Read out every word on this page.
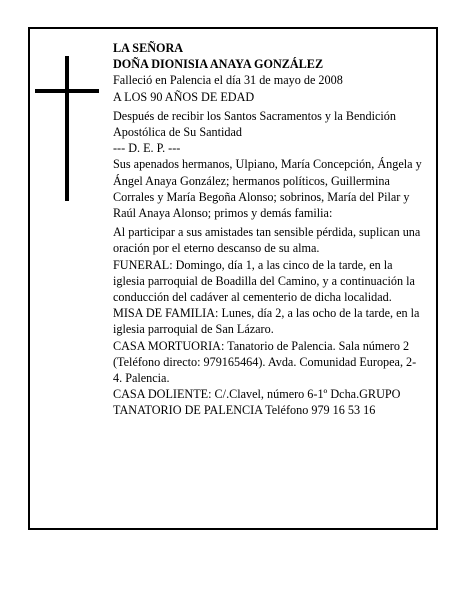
LA SEÑORA

DOÑA DIONISIA ANAYA GONZÁLEZ

Falleció en Palencia el día 31 de mayo de 2008

A LOS 90 AÑOS DE EDAD

Después de recibir los Santos Sacramentos y la Bendición Apostólica de Su Santidad

--- D. E. P. ---

Sus apenados hermanos, Ulpiano, María Concepción, Ángela y Ángel Anaya González; hermanos políticos, Guillermina Corrales y María Begoña Alonso; sobrinos, María del Pilar y Raúl Anaya Alonso; primos y demás familia:

Al participar a sus amistades tan sensible pérdida, suplican una oración por el eterno descanso de su alma.

FUNERAL: Domingo, día 1, a las cinco de la tarde, en la iglesia parroquial de Boadilla del Camino, y a continuación la conducción del cadáver al cementerio de dicha localidad.

MISA DE FAMILIA: Lunes, día 2, a las ocho de la tarde, en la iglesia parroquial de San Lázaro.

CASA MORTUORIA: Tanatorio de Palencia. Sala número 2 (Teléfono directo: 979165464). Avda. Comunidad Europea, 2-4. Palencia.

CASA DOLIENTE: C/.Clavel, número 6-1º Dcha.GRUPO TANATORIO DE PALENCIA Teléfono 979 16 53 16
